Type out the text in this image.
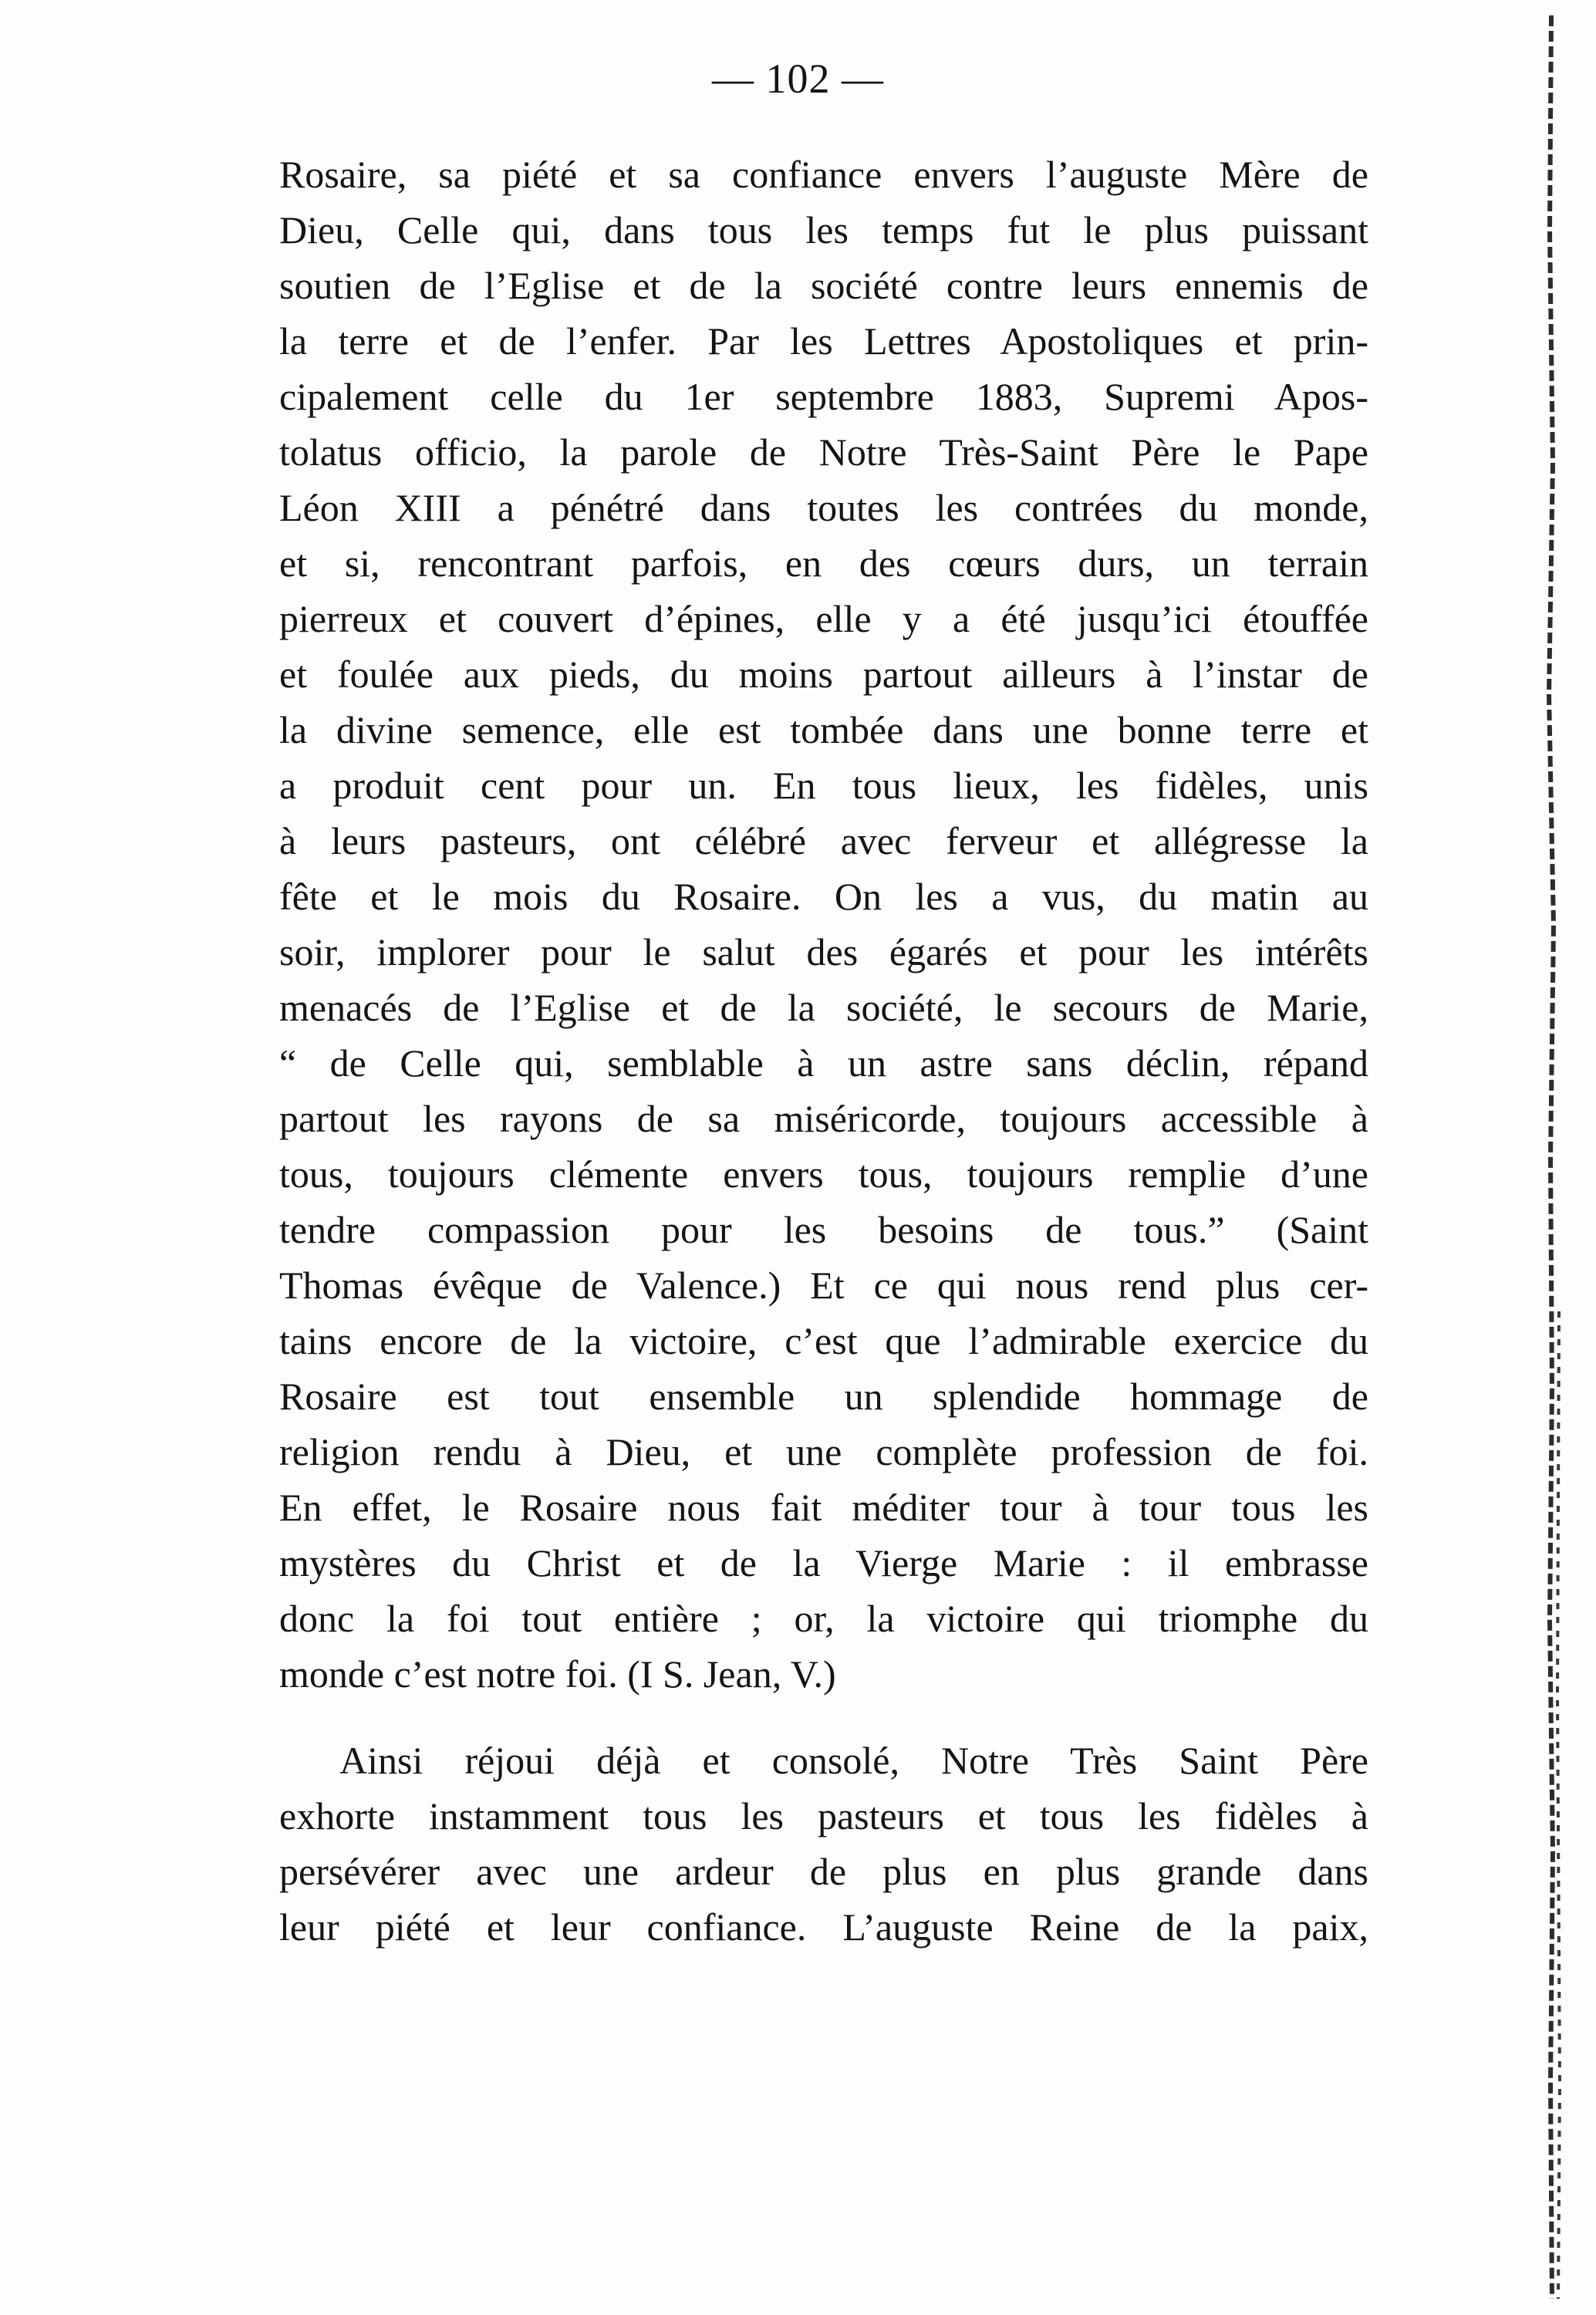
— 102 —
Rosaire, sa piété et sa confiance envers l’auguste Mère de
Dieu, Celle qui, dans tous les temps fut le plus puissant
soutien de l’Eglise et de la société contre leurs ennemis de
la terre et de l’enfer. Par les Lettres Apostoliques et prin-
cipalement celle du 1er septembre 1883, Supremi Apos-
tolatus officio, la parole de Notre Très-Saint Père le Pape
Léon XIII a pénétré dans toutes les contrées du monde,
et si, rencontrant parfois, en des cœurs durs, un terrain
pierreux et couvert d’épines, elle y a été jusqu’ici étouffée
et foulée aux pieds, du moins partout ailleurs à l’instar de
la divine semence, elle est tombée dans une bonne terre et
a produit cent pour un. En tous lieux, les fidèles, unis
à leurs pasteurs, ont célébré avec ferveur et allégresse la
fête et le mois du Rosaire. On les a vus, du matin au
soir, implorer pour le salut des égarés et pour les intérêts
menacés de l’Eglise et de la société, le secours de Marie,
“ de Celle qui, semblable à un astre sans déclin, répand
partout les rayons de sa miséricorde, toujours accessible à
tous, toujours clémente envers tous, toujours remplie d’une
tendre compassion pour les besoins de tous.” (Saint
Thomas évêque de Valence.) Et ce qui nous rend plus cer-
tains encore de la victoire, c’est que l’admirable exercice du
Rosaire est tout ensemble un splendide hommage de
religion rendu à Dieu, et une complète profession de foi.
En effet, le Rosaire nous fait méditer tour à tour tous les
mystères du Christ et de la Vierge Marie : il embrasse
donc la foi tout entière ; or, la victoire qui triomphe du
monde c’est notre foi. (I S. Jean, V.)
Ainsi réjoui déjà et consolé, Notre Très Saint Père
exhorte instamment tous les pasteurs et tous les fidèles à
persévérer avec une ardeur de plus en plus grande dans
leur piété et leur confiance. L’auguste Reine de la paix,
